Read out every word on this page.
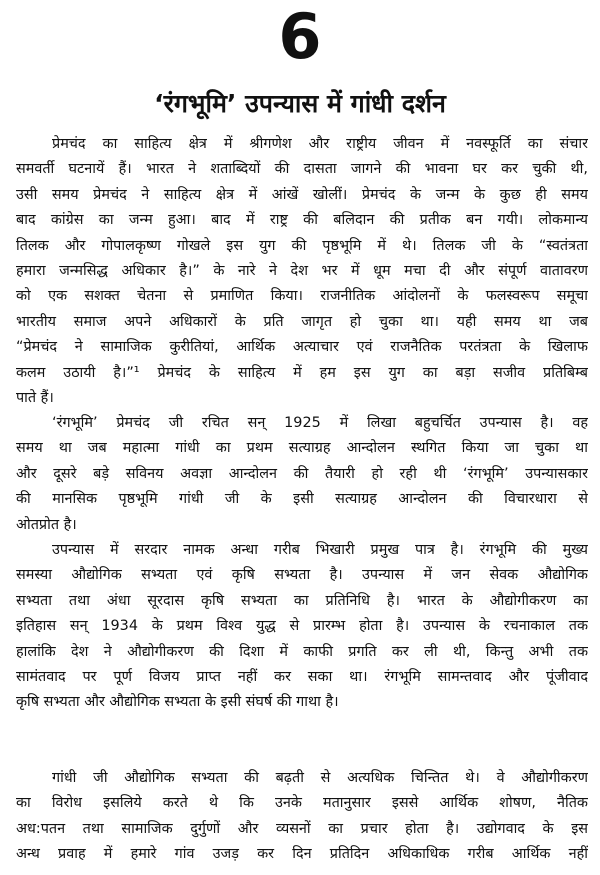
6
‘रंगभूमि’ उपन्यास में गांधी दर्शन
प्रेमचंद का साहित्य क्षेत्र में श्रीगणेश और राष्ट्रीय जीवन में नवस्फूर्ति का संचार
समवर्ती घटनायें हैं। भारत ने शताब्दियों की दासता जागने की भावना घर कर चुकी थी,
उसी समय प्रेमचंद ने साहित्य क्षेत्र में आंखें खोलीं। प्रेमचंद के जन्म के कुछ ही समय
बाद कांग्रेस का जन्म हुआ। बाद में राष्ट्र की बलिदान की प्रतीक बन गयी। लोकमान्य
तिलक और गोपालकृष्ण गोखले इस युग की पृष्ठभूमि में थे। तिलक जी के “स्वतंत्रता
हमारा जन्मसिद्ध अधिकार है।” के नारे ने देश भर में धूम मचा दी और संपूर्ण वातावरण
को एक सशक्त चेतना से प्रमाणित किया। राजनीतिक आंदोलनों के फलस्वरूप समूचा
भारतीय समाज अपने अधिकारों के प्रति जागृत हो चुका था। यही समय था जब
“प्रेमचंद ने सामाजिक कुरीतियां, आर्थिक अत्याचार एवं राजनैतिक परतंत्रता के खिलाफ
कलम उठायी है।”¹ प्रेमचंद के साहित्य में हम इस युग का बड़ा सजीव प्रतिबिम्ब
पाते हैं।
‘रंगभूमि’ प्रेमचंद जी रचित सन् 1925 में लिखा बहुचर्चित उपन्यास है। वह
समय था जब महात्मा गांधी का प्रथम सत्याग्रह आन्दोलन स्थगित किया जा चुका था
और दूसरे बड़े सविनय अवज्ञा आन्दोलन की तैयारी हो रही थी ‘रंगभूमि’ उपन्यासकार
की मानसिक पृष्ठभूमि गांधी जी के इसी सत्याग्रह आन्दोलन की विचारधारा से
ओतप्रोत है।
उपन्यास में सरदार नामक अन्धा गरीब भिखारी प्रमुख पात्र है। रंगभूमि की मुख्य
समस्या औद्योगिक सभ्यता एवं कृषि सभ्यता है। उपन्यास में जन सेवक औद्योगिक
सभ्यता तथा अंधा सूरदास कृषि सभ्यता का प्रतिनिधि है। भारत के औद्योगीकरण का
इतिहास सन् 1934 के प्रथम विश्व युद्ध से प्रारम्भ होता है। उपन्यास के रचनाकाल तक
हालांकि देश ने औद्योगीकरण की दिशा में काफी प्रगति कर ली थी, किन्तु अभी तक
सामंतवाद पर पूर्ण विजय प्राप्त नहीं कर सका था। रंगभूमि सामन्तवाद और पूंजीवाद
कृषि सभ्यता और औद्योगिक सभ्यता के इसी संघर्ष की गाथा है।
गांधी जी औद्योगिक सभ्यता की बढ़ती से अत्यधिक चिन्तित थे। वे औद्योगीकरण
का विरोध इसलिये करते थे कि उनके मतानुसार इससे आर्थिक शोषण, नैतिक
अध:पतन तथा सामाजिक दुर्गुणों और व्यसनों का प्रचार होता है। उद्योगवाद के इस
अन्ध प्रवाह में हमारे गांव उजड़ कर दिन प्रतिदिन अधिकाधिक गरीब आर्थिक नहीं
